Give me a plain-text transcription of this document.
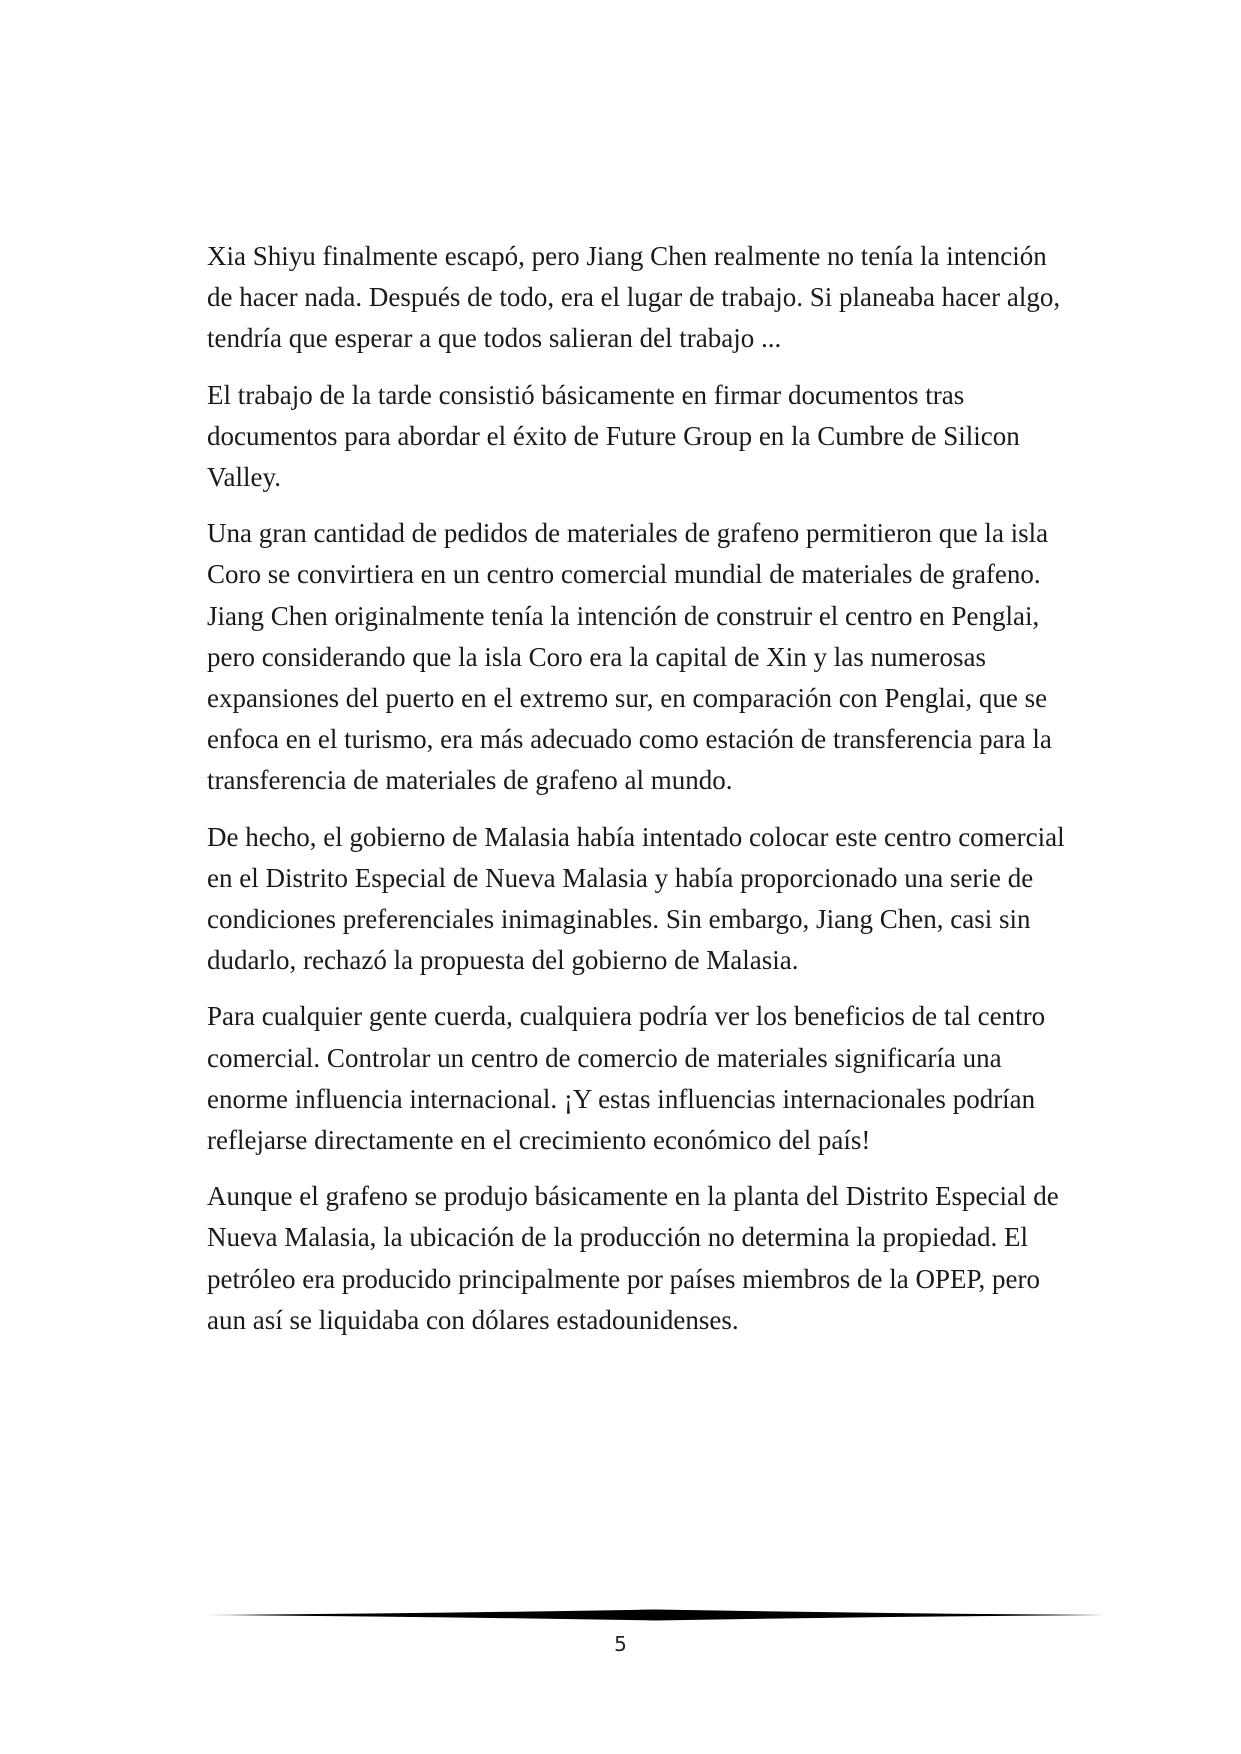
Xia Shiyu finalmente escapó, pero Jiang Chen realmente no tenía la intención de hacer nada. Después de todo, era el lugar de trabajo. Si planeaba hacer algo, tendría que esperar a que todos salieran del trabajo ...

El trabajo de la tarde consistió básicamente en firmar documentos tras documentos para abordar el éxito de Future Group en la Cumbre de Silicon Valley.

Una gran cantidad de pedidos de materiales de grafeno permitieron que la isla Coro se convirtiera en un centro comercial mundial de materiales de grafeno. Jiang Chen originalmente tenía la intención de construir el centro en Penglai, pero considerando que la isla Coro era la capital de Xin y las numerosas expansiones del puerto en el extremo sur, en comparación con Penglai, que se enfoca en el turismo, era más adecuado como estación de transferencia para la transferencia de materiales de grafeno al mundo.

De hecho, el gobierno de Malasia había intentado colocar este centro comercial en el Distrito Especial de Nueva Malasia y había proporcionado una serie de condiciones preferenciales inimaginables. Sin embargo, Jiang Chen, casi sin dudarlo, rechazó la propuesta del gobierno de Malasia.

Para cualquier gente cuerda, cualquiera podría ver los beneficios de tal centro comercial. Controlar un centro de comercio de materiales significaría una enorme influencia internacional. ¡Y estas influencias internacionales podrían reflejarse directamente en el crecimiento económico del país!

Aunque el grafeno se produjo básicamente en la planta del Distrito Especial de Nueva Malasia, la ubicación de la producción no determina la propiedad. El petróleo era producido principalmente por países miembros de la OPEP, pero aun así se liquidaba con dólares estadounidenses.

5
